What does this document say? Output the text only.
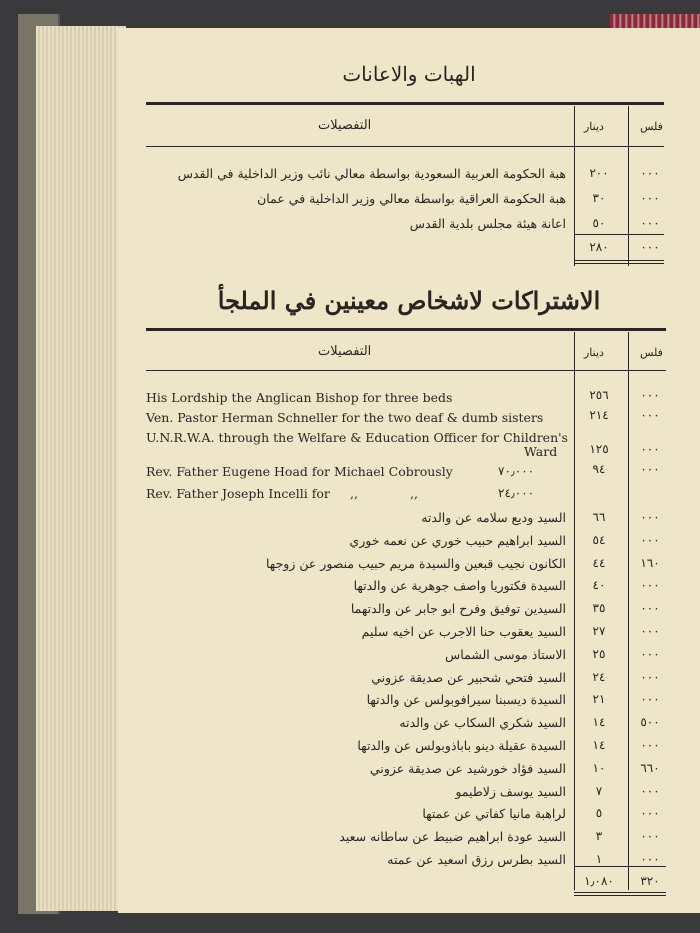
الهبات والاعانات
التفصيلات	دينار	فلس
هبة الحكومة العربية السعودية بواسطة معالي نائب وزير الداخلية في القدس	٢٠٠	٠٠٠
هبة الحكومة العراقية بواسطة معالي وزير الداخلية في عمان	٣٠	٠٠٠
اعانة هيئة مجلس بلدية القدس	٥٠	٠٠٠
٢٨٠	٠٠٠
الاشتراكات لاشخاص معينين في الملجأ
التفصيلات	دينار	فلس
His Lordship the Anglican Bishop for three beds	٢٥٦	٠٠٠
Ven. Pastor Herman Schneller for the two deaf & dumb sisters	٢١٤	٠٠٠
U.N.R.W.A. through the Welfare & Education Officer for Children's
Ward	١٢٥	٠٠٠
Rev. Father Eugene Hoad for Michael Cobrously	٧٠٫٠٠٠	٩٤	٠٠٠
Rev. Father Joseph Incelli for ,,	,,	٢٤٫٠٠٠
السيد وديع سلامه عن والدته	٦٦	٠٠٠
السيد ابراهيم حبيب خوري عن نعمه خوري	٥٤	٠٠٠
الكانون نجيب قبعين والسيدة مريم حبيب منصور عن زوجها	٤٤	١٦٠
السيدة فكتوريا واصف جوهرية عن والدتها	٤٠	٠٠٠
السيدين توفيق وفرح ابو جابر عن والدتهما	٣٥	٠٠٠
السيد يعقوب حنا الاجرب عن اخيه سليم	٢٧	٠٠٠
الاستاذ موسى الشماس	٢٥	٠٠٠
السيد فتحي شحبير عن صديقة عزوني	٢٤	٠٠٠
السيدة ديسبنا سيرافوبولس عن والدتها	٢١	٠٠٠
السيد شكري السكاب عن والدته	١٤	٥٠٠
السيدة عقيلة دينو باباذوبولس عن والدتها	١٤	٠٠٠
السيد فؤاد خورشيد عن صديقة عزوني	١٠	٦٦٠
السيد يوسف زلاطيمو	٧	٠٠٠
لراهبة مانيا كفاتي عن عمتها	٥	٠٠٠
السيد عودة ابراهيم ضبيط عن ساطانه سعيد	٣	٠٠٠
السيد بطرس رزق اسعيد عن عمته	١	٠٠٠
١٫٠٨٠	٣٢٠
